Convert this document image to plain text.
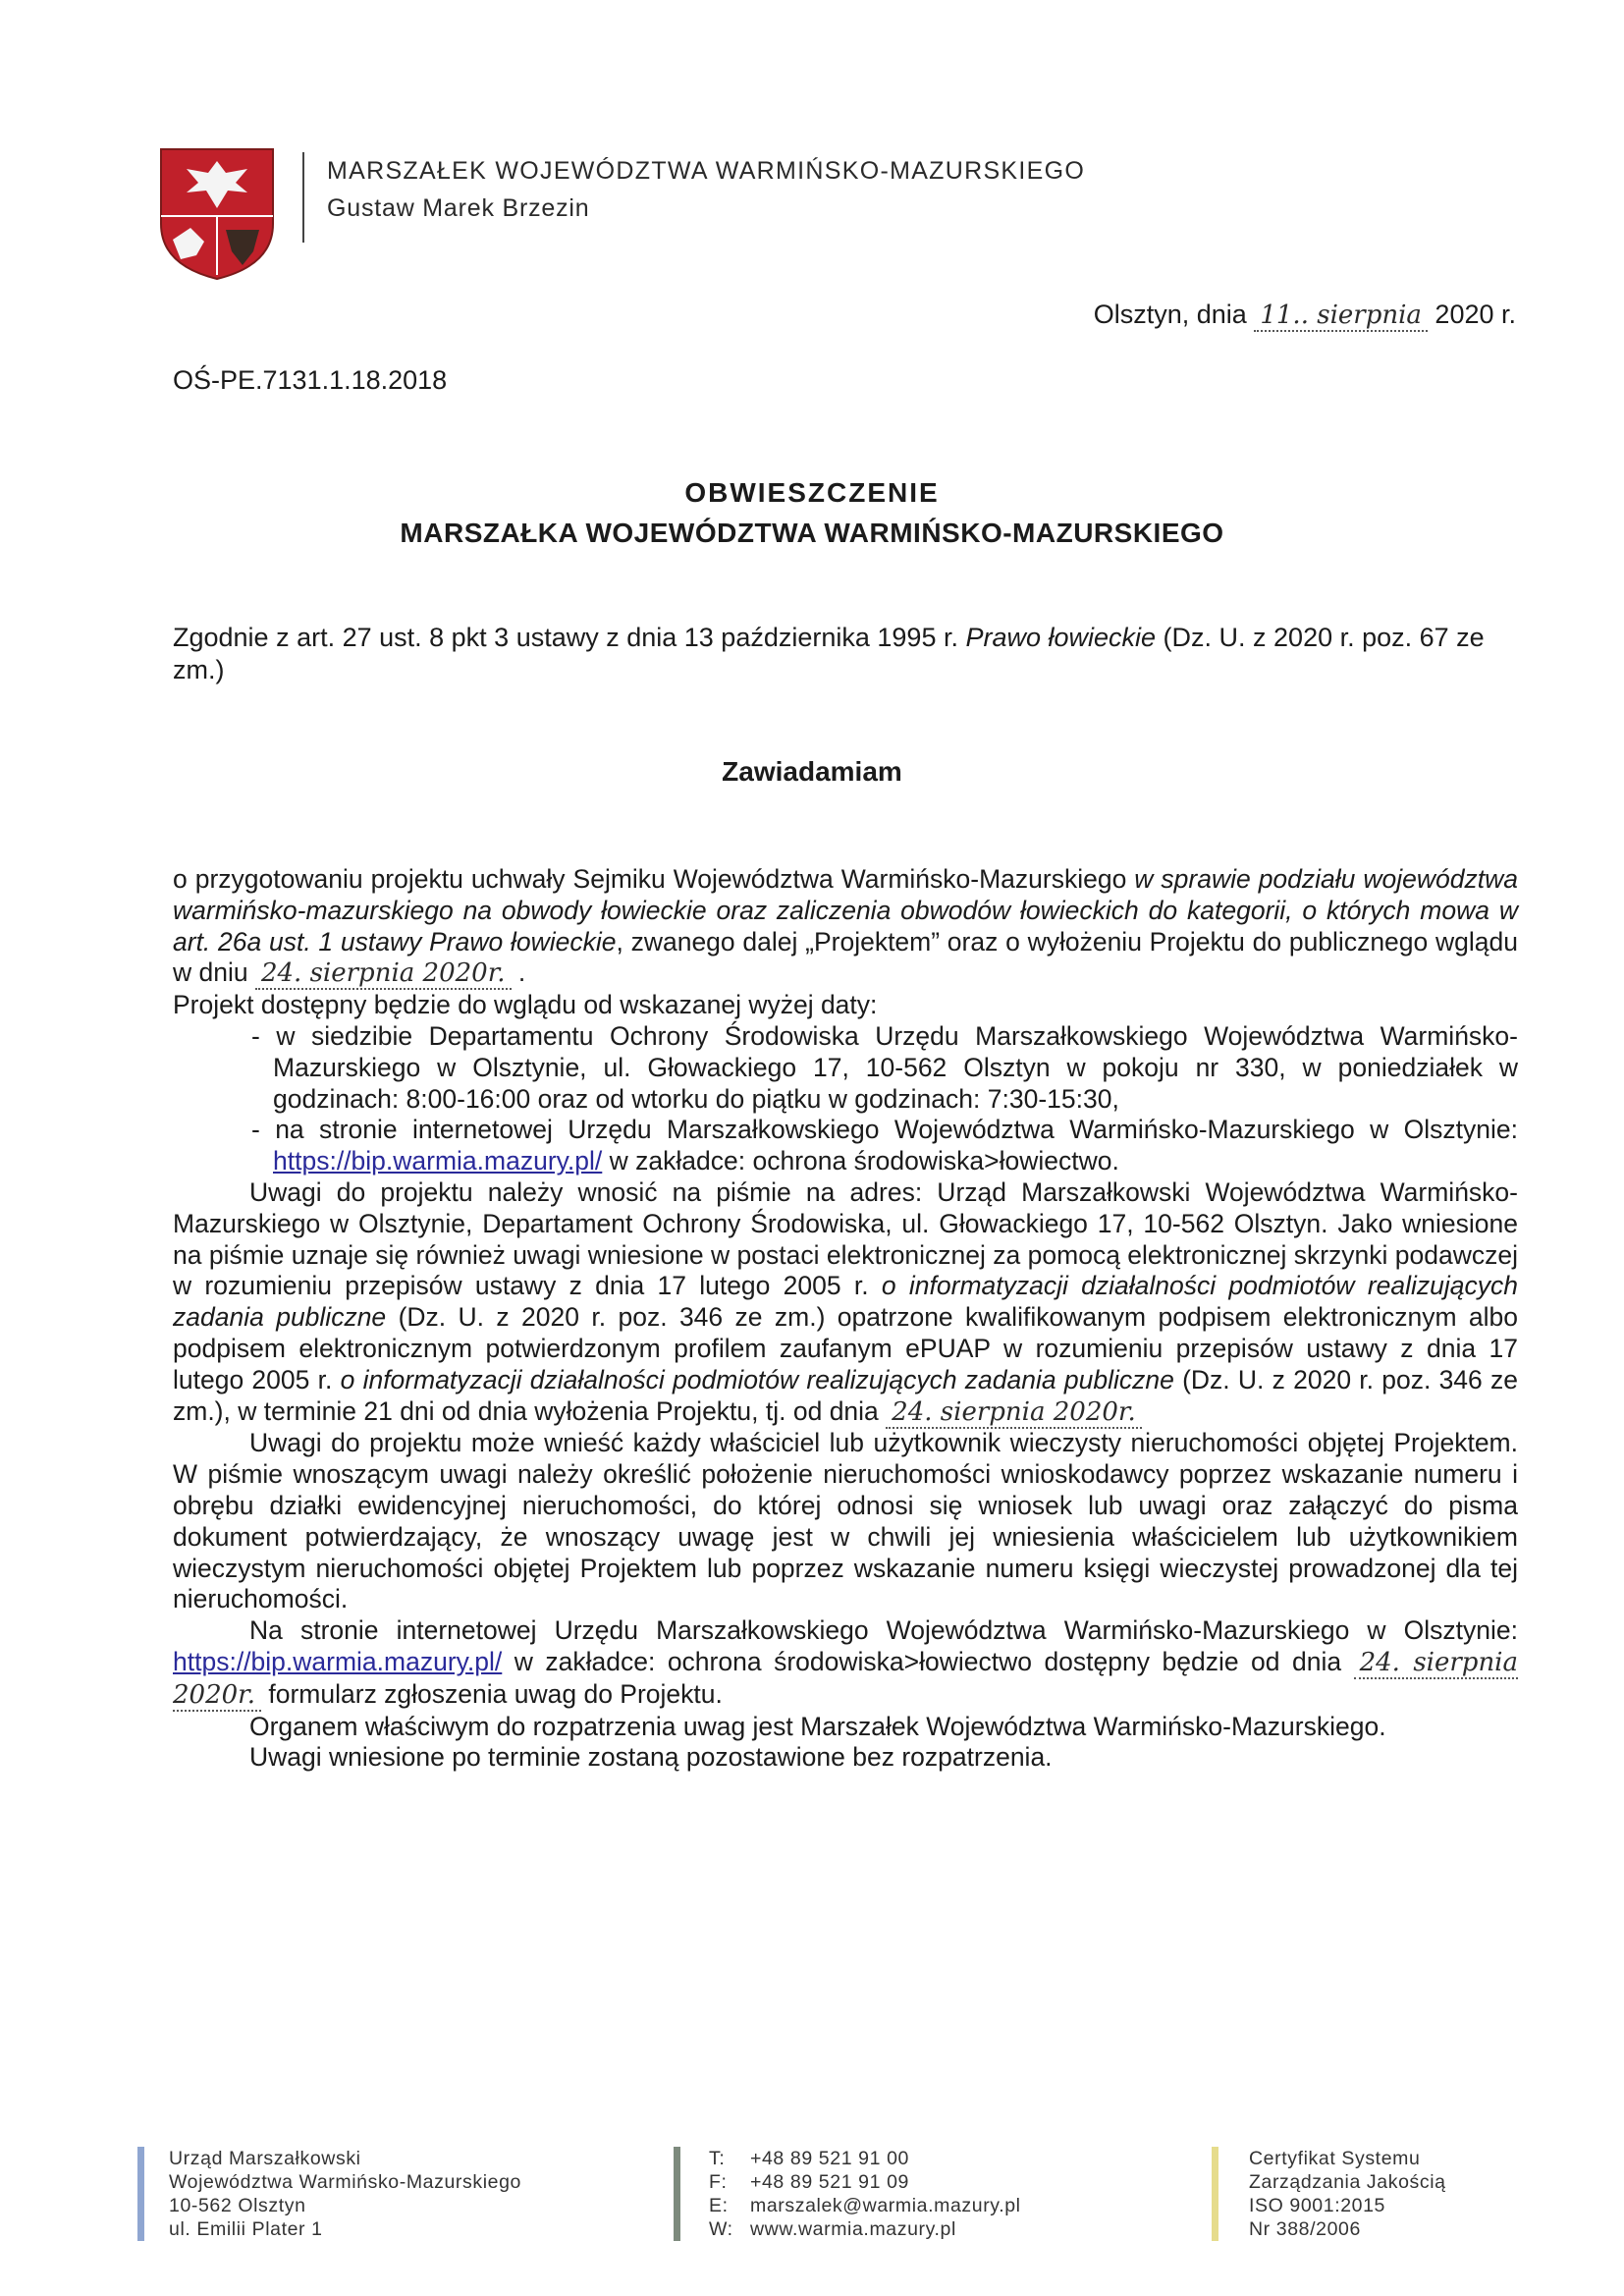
MARSZAŁEK WOJEWÓDZTWA WARMIŃSKO-MAZURSKIEGO
Gustaw Marek Brzezin
Olsztyn, dnia 11.. sierpnia 2020 r.
OŚ-PE.7131.1.18.2018
OBWIESZCZENIE
MARSZAŁKA WOJEWÓDZTWA WARMIŃSKO-MAZURSKIEGO
Zgodnie z art. 27 ust. 8 pkt 3 ustawy z dnia 13 października 1995 r. Prawo łowieckie (Dz. U. z 2020 r. poz. 67 ze zm.)
Zawiadamiam

o przygotowaniu projektu uchwały Sejmiku Województwa Warmińsko-Mazurskiego w sprawie podziału województwa warmińsko-mazurskiego na obwody łowieckie oraz zaliczenia obwodów łowieckich do kategorii, o których mowa w art. 26a ust. 1 ustawy Prawo łowieckie, zwanego dalej „Projektem” oraz o wyłożeniu Projektu do publicznego wglądu w dniu 24. sierpnia 2020r. .

Projekt dostępny będzie do wglądu od wskazanej wyżej daty:

- w siedzibie Departamentu Ochrony Środowiska Urzędu Marszałkowskiego Województwa Warmińsko-Mazurskiego w Olsztynie, ul. Głowackiego 17, 10-562 Olsztyn w pokoju nr 330, w poniedziałek w godzinach: 8:00-16:00 oraz od wtorku do piątku w godzinach: 7:30-15:30,
- na stronie internetowej Urzędu Marszałkowskiego Województwa Warmińsko-Mazurskiego w Olsztynie: https://bip.warmia.mazury.pl/ w zakładce: ochrona środowiska>łowiectwo.

Uwagi do projektu należy wnosić na piśmie na adres: Urząd Marszałkowski Województwa Warmińsko-Mazurskiego w Olsztynie, Departament Ochrony Środowiska, ul. Głowackiego 17, 10-562 Olsztyn. Jako wniesione na piśmie uznaje się również uwagi wniesione w postaci elektronicznej za pomocą elektronicznej skrzynki podawczej w rozumieniu przepisów ustawy z dnia 17 lutego 2005 r. o informatyzacji działalności podmiotów realizujących zadania publiczne (Dz. U. z 2020 r. poz. 346 ze zm.) opatrzone kwalifikowanym podpisem elektronicznym albo podpisem elektronicznym potwierdzonym profilem zaufanym ePUAP w rozumieniu przepisów ustawy z dnia 17 lutego 2005 r. o informatyzacji działalności podmiotów realizujących zadania publiczne (Dz. U. z 2020 r. poz. 346 ze zm.), w terminie 21 dni od dnia wyłożenia Projektu, tj. od dnia 24. sierpnia 2020r.

Uwagi do projektu może wnieść każdy właściciel lub użytkownik wieczysty nieruchomości objętej Projektem. W piśmie wnoszącym uwagi należy określić położenie nieruchomości wnioskodawcy poprzez wskazanie numeru i obrębu działki ewidencyjnej nieruchomości, do której odnosi się wniosek lub uwagi oraz załączyć do pisma dokument potwierdzający, że wnoszący uwagę jest w chwili jej wniesienia właścicielem lub użytkownikiem wieczystym nieruchomości objętej Projektem lub poprzez wskazanie numeru księgi wieczystej prowadzonej dla tej nieruchomości.

Na stronie internetowej Urzędu Marszałkowskiego Województwa Warmińsko-Mazurskiego w Olsztynie: https://bip.warmia.mazury.pl/ w zakładce: ochrona środowiska>łowiectwo dostępny będzie od dnia 24. sierpnia 2020r. formularz zgłoszenia uwag do Projektu.

Organem właściwym do rozpatrzenia uwag jest Marszałek Województwa Warmińsko-Mazurskiego.

Uwagi wniesione po terminie zostaną pozostawione bez rozpatrzenia.

Urząd Marszałkowski
Województwa Warmińsko-Mazurskiego
10-562 Olsztyn
ul. Emilii Plater 1
T: +48 89 521 91 00
F: +48 89 521 91 09
E: marszalek@warmia.mazury.pl
W: www.warmia.mazury.pl
Certyfikat Systemu
Zarządzania Jakością
ISO 9001:2015
Nr 388/2006
